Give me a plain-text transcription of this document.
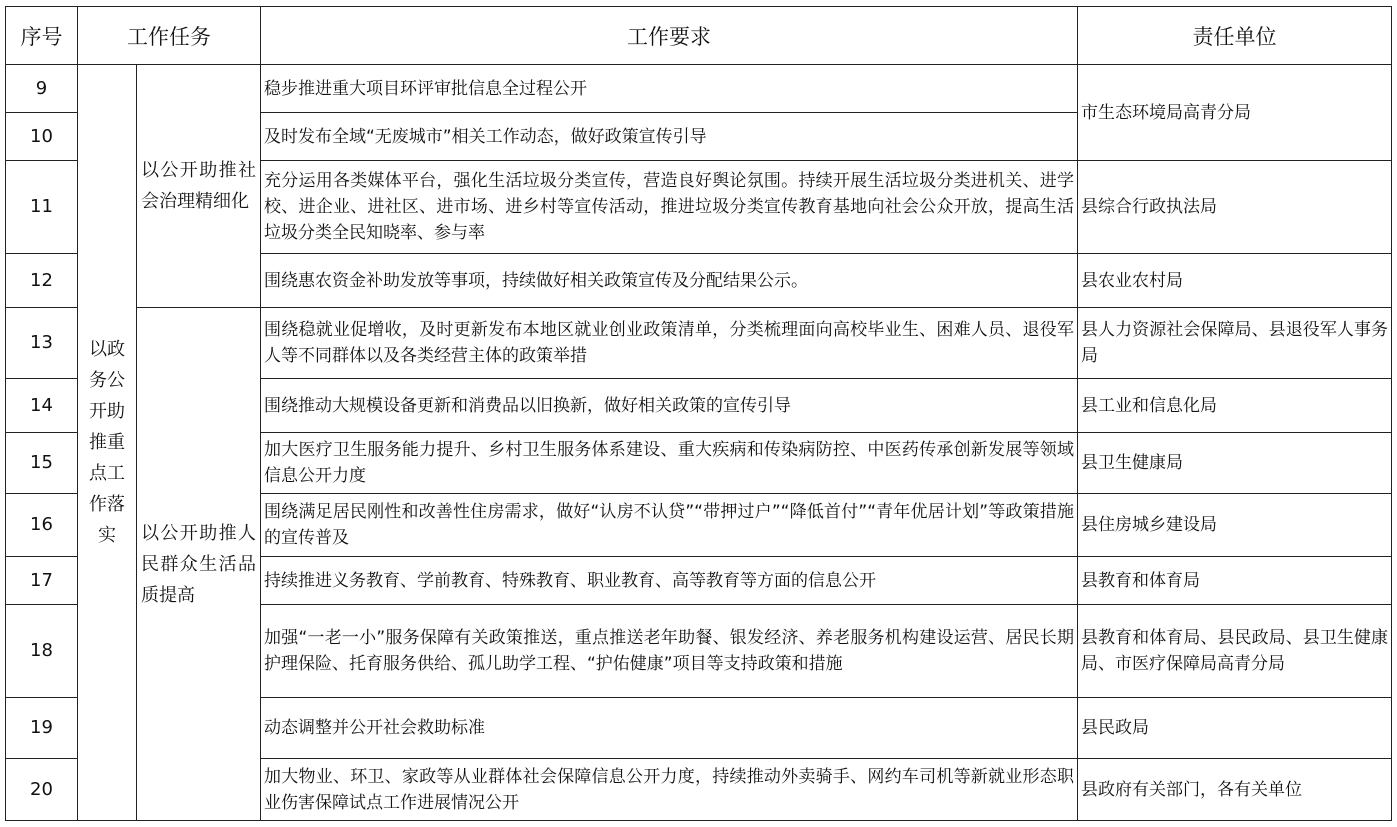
序号	工作任务		工作要求	责任单位
9	以政务公开助推重点工作落实	以公开助推社会治理精细化	稳步推进重大项目环评审批信息全过程公开	市生态环境局高青分局
10			及时发布全域“无废城市”相关工作动态，做好政策宣传引导	
11			充分运用各类媒体平台，强化生活垃圾分类宣传，营造良好舆论氛围。持续开展生活垃圾分类进机关、进学校、进企业、进社区、进市场、进乡村等宣传活动，推进垃圾分类宣传教育基地向社会公众开放，提高生活垃圾分类全民知晓率、参与率	县综合行政执法局
12			围绕惠农资金补助发放等事项，持续做好相关政策宣传及分配结果公示。	县农业农村局
13		以公开助推人民群众生活品质提高	围绕稳就业促增收，及时更新发布本地区就业创业政策清单，分类梳理面向高校毕业生、困难人员、退役军人等不同群体以及各类经营主体的政策举措	县人力资源社会保障局、县退役军人事务局
14			围绕推动大规模设备更新和消费品以旧换新，做好相关政策的宣传引导	县工业和信息化局
15			加大医疗卫生服务能力提升、乡村卫生服务体系建设、重大疾病和传染病防控、中医药传承创新发展等领域信息公开力度	县卫生健康局
16			围绕满足居民刚性和改善性住房需求，做好“认房不认贷”“带押过户”“降低首付”“青年优居计划”等政策措施的宣传普及	县住房城乡建设局
17			持续推进义务教育、学前教育、特殊教育、职业教育、高等教育等方面的信息公开	县教育和体育局
18			加强“一老一小”服务保障有关政策推送，重点推送老年助餐、银发经济、养老服务机构建设运营、居民长期护理保险、托育服务供给、孤儿助学工程、“护佑健康”项目等支持政策和措施	县教育和体育局、县民政局、县卫生健康局、市医疗保障局高青分局
19			动态调整并公开社会救助标准	县民政局
20			加大物业、环卫、家政等从业群体社会保障信息公开力度，持续推动外卖骑手、网约车司机等新就业形态职业伤害保障试点工作进展情况公开	县政府有关部门，各有关单位
